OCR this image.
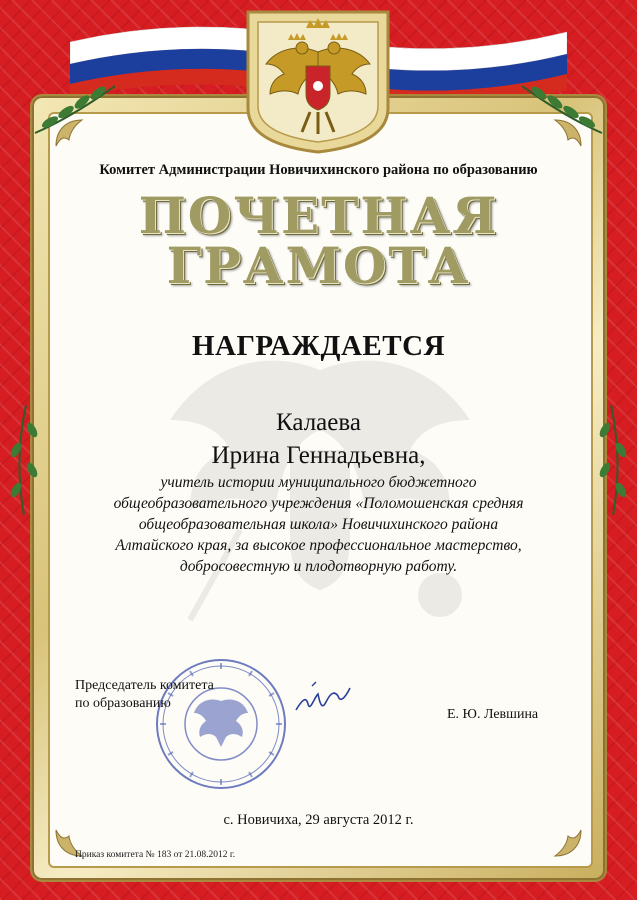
Комитет Администрации Новичихинского района по образованию

ПОЧЕТНАЯ

ГРАМОТА

НАГРАЖДАЕТСЯ

Калаева

Ирина Геннадьевна,

учитель истории муниципального бюджетного
общеобразовательного учреждения «Поломошенская средняя
общеобразовательная школа» Новичихинского района
Алтайского края, за высокое профессиональное мастерство,
добросовестную и плодотворную работу.
Председатель комитета
по образованию

Е. Ю. Левшина

с. Новичиха, 29 августа 2012 г.

Приказ комитета № 183 от 21.08.2012 г.
